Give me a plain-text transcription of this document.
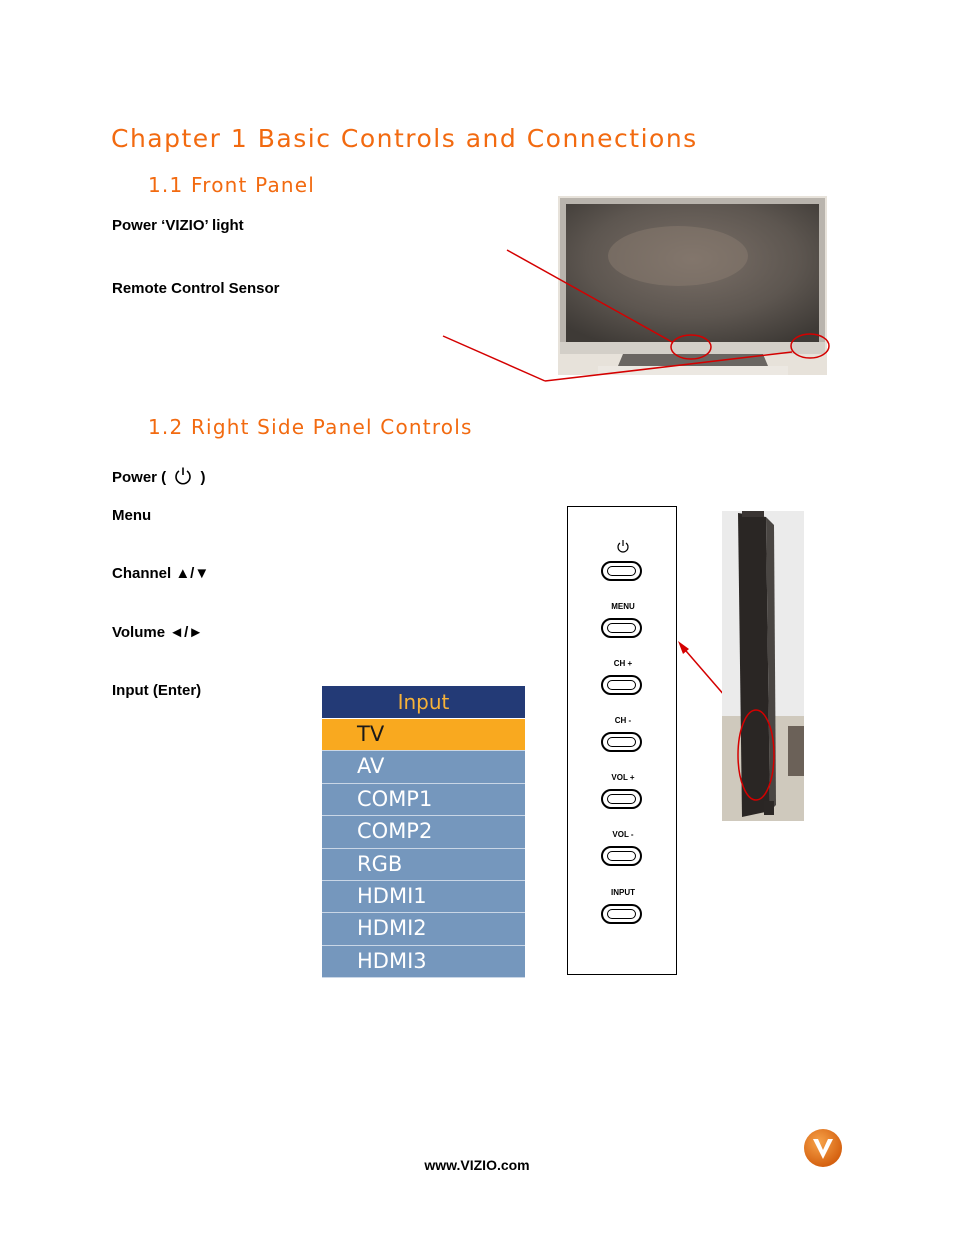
Chapter 1 Basic Controls and Connections
1.1 Front Panel
Power ‘VIZIO’ light
Remote Control Sensor
1.2 Right Side Panel Controls
Power ( )
Menu
Channel ▲/▼
Volume ◄/►
Input (Enter)	Input
TV
AV
COMP1
COMP2
RGB
HDMI1
HDMI2
HDMI3
MENU
CH +
CH -
VOL +
VOL -
INPUT
www.VIZIO.com
